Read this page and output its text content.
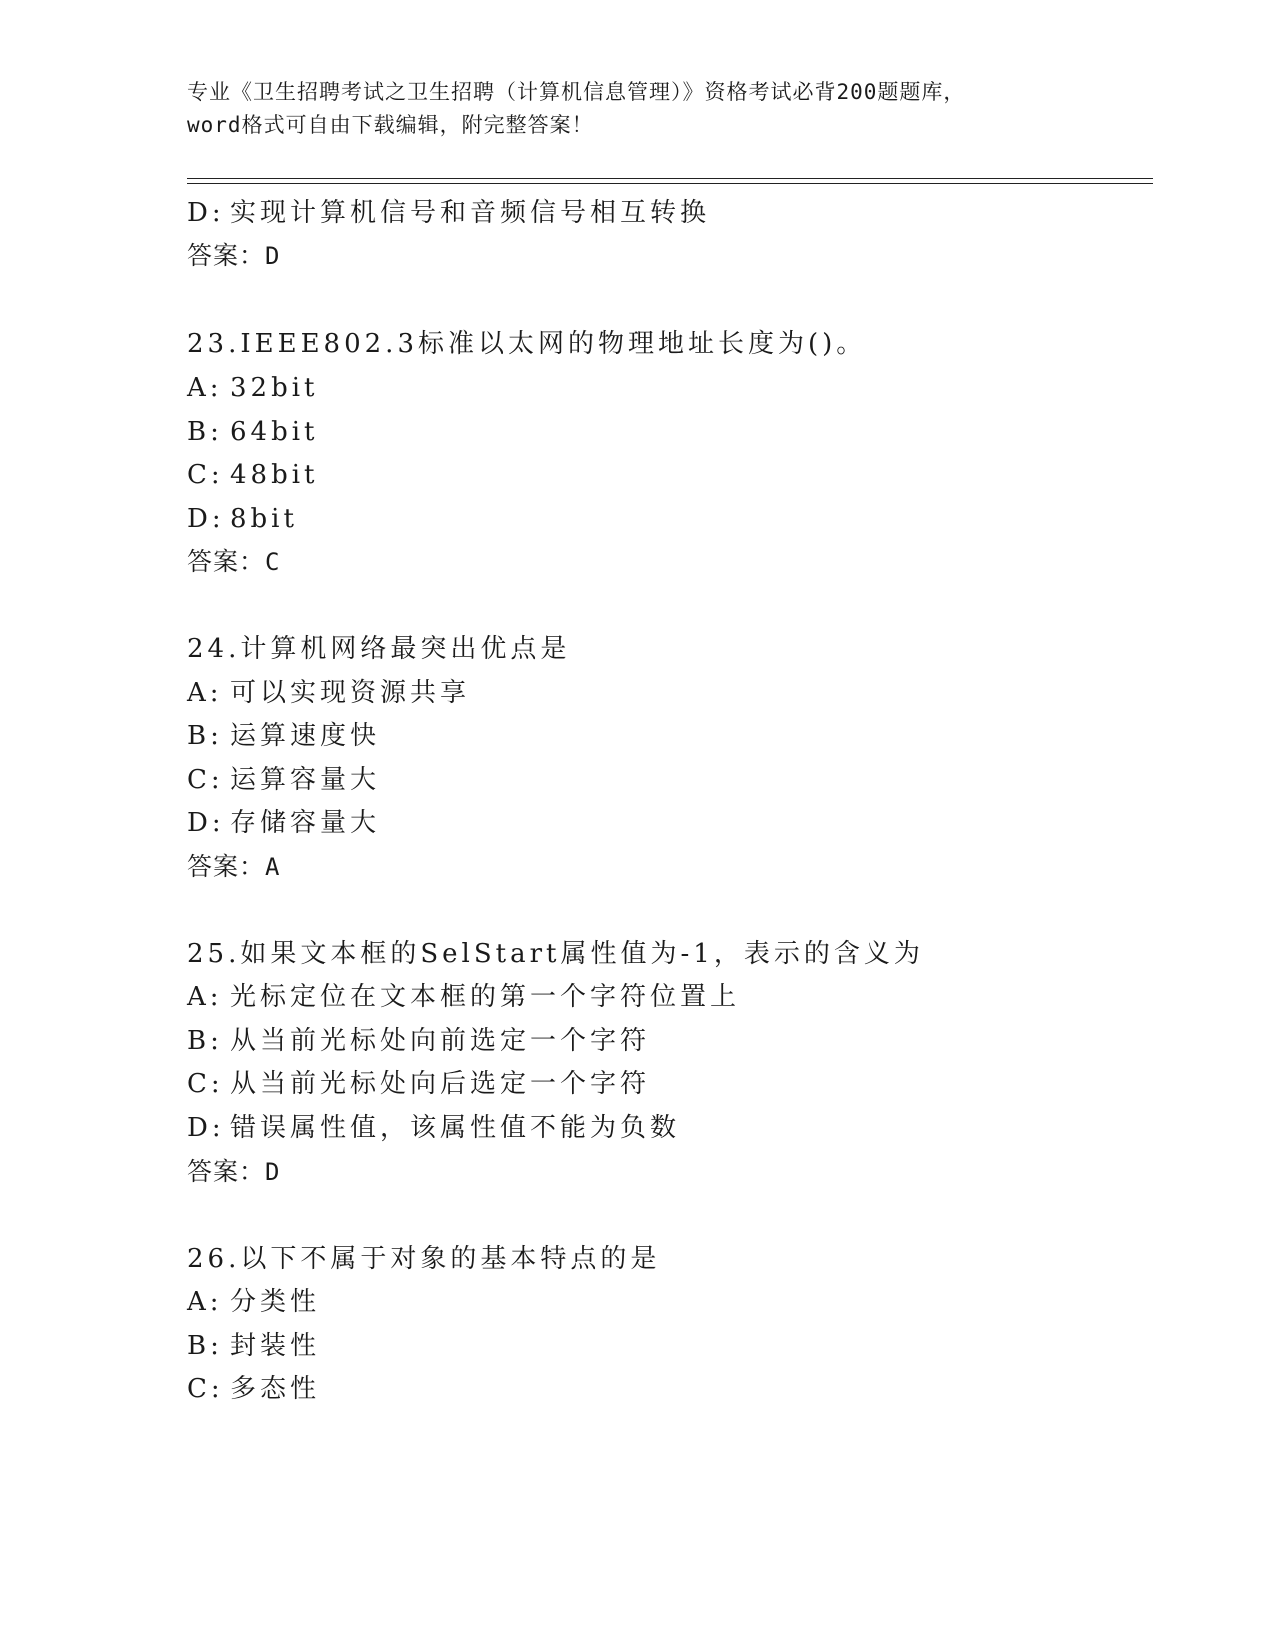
专业《卫生招聘考试之卫生招聘（计算机信息管理）》资格考试必背200题题库，
word格式可自由下载编辑，附完整答案！
D: 实现计算机信号和音频信号相互转换
答案：D
23.IEEE802.3标准以太网的物理地址长度为()。
A: 32bit
B: 64bit
C: 48bit
D: 8bit
答案：C
24.计算机网络最突出优点是
A: 可以实现资源共享
B: 运算速度快
C: 运算容量大
D: 存储容量大
答案：A
25.如果文本框的SelStart属性值为-1，表示的含义为
A: 光标定位在文本框的第一个字符位置上
B: 从当前光标处向前选定一个字符
C: 从当前光标处向后选定一个字符
D: 错误属性值，该属性值不能为负数
答案：D
26.以下不属于对象的基本特点的是
A: 分类性
B: 封装性
C: 多态性
